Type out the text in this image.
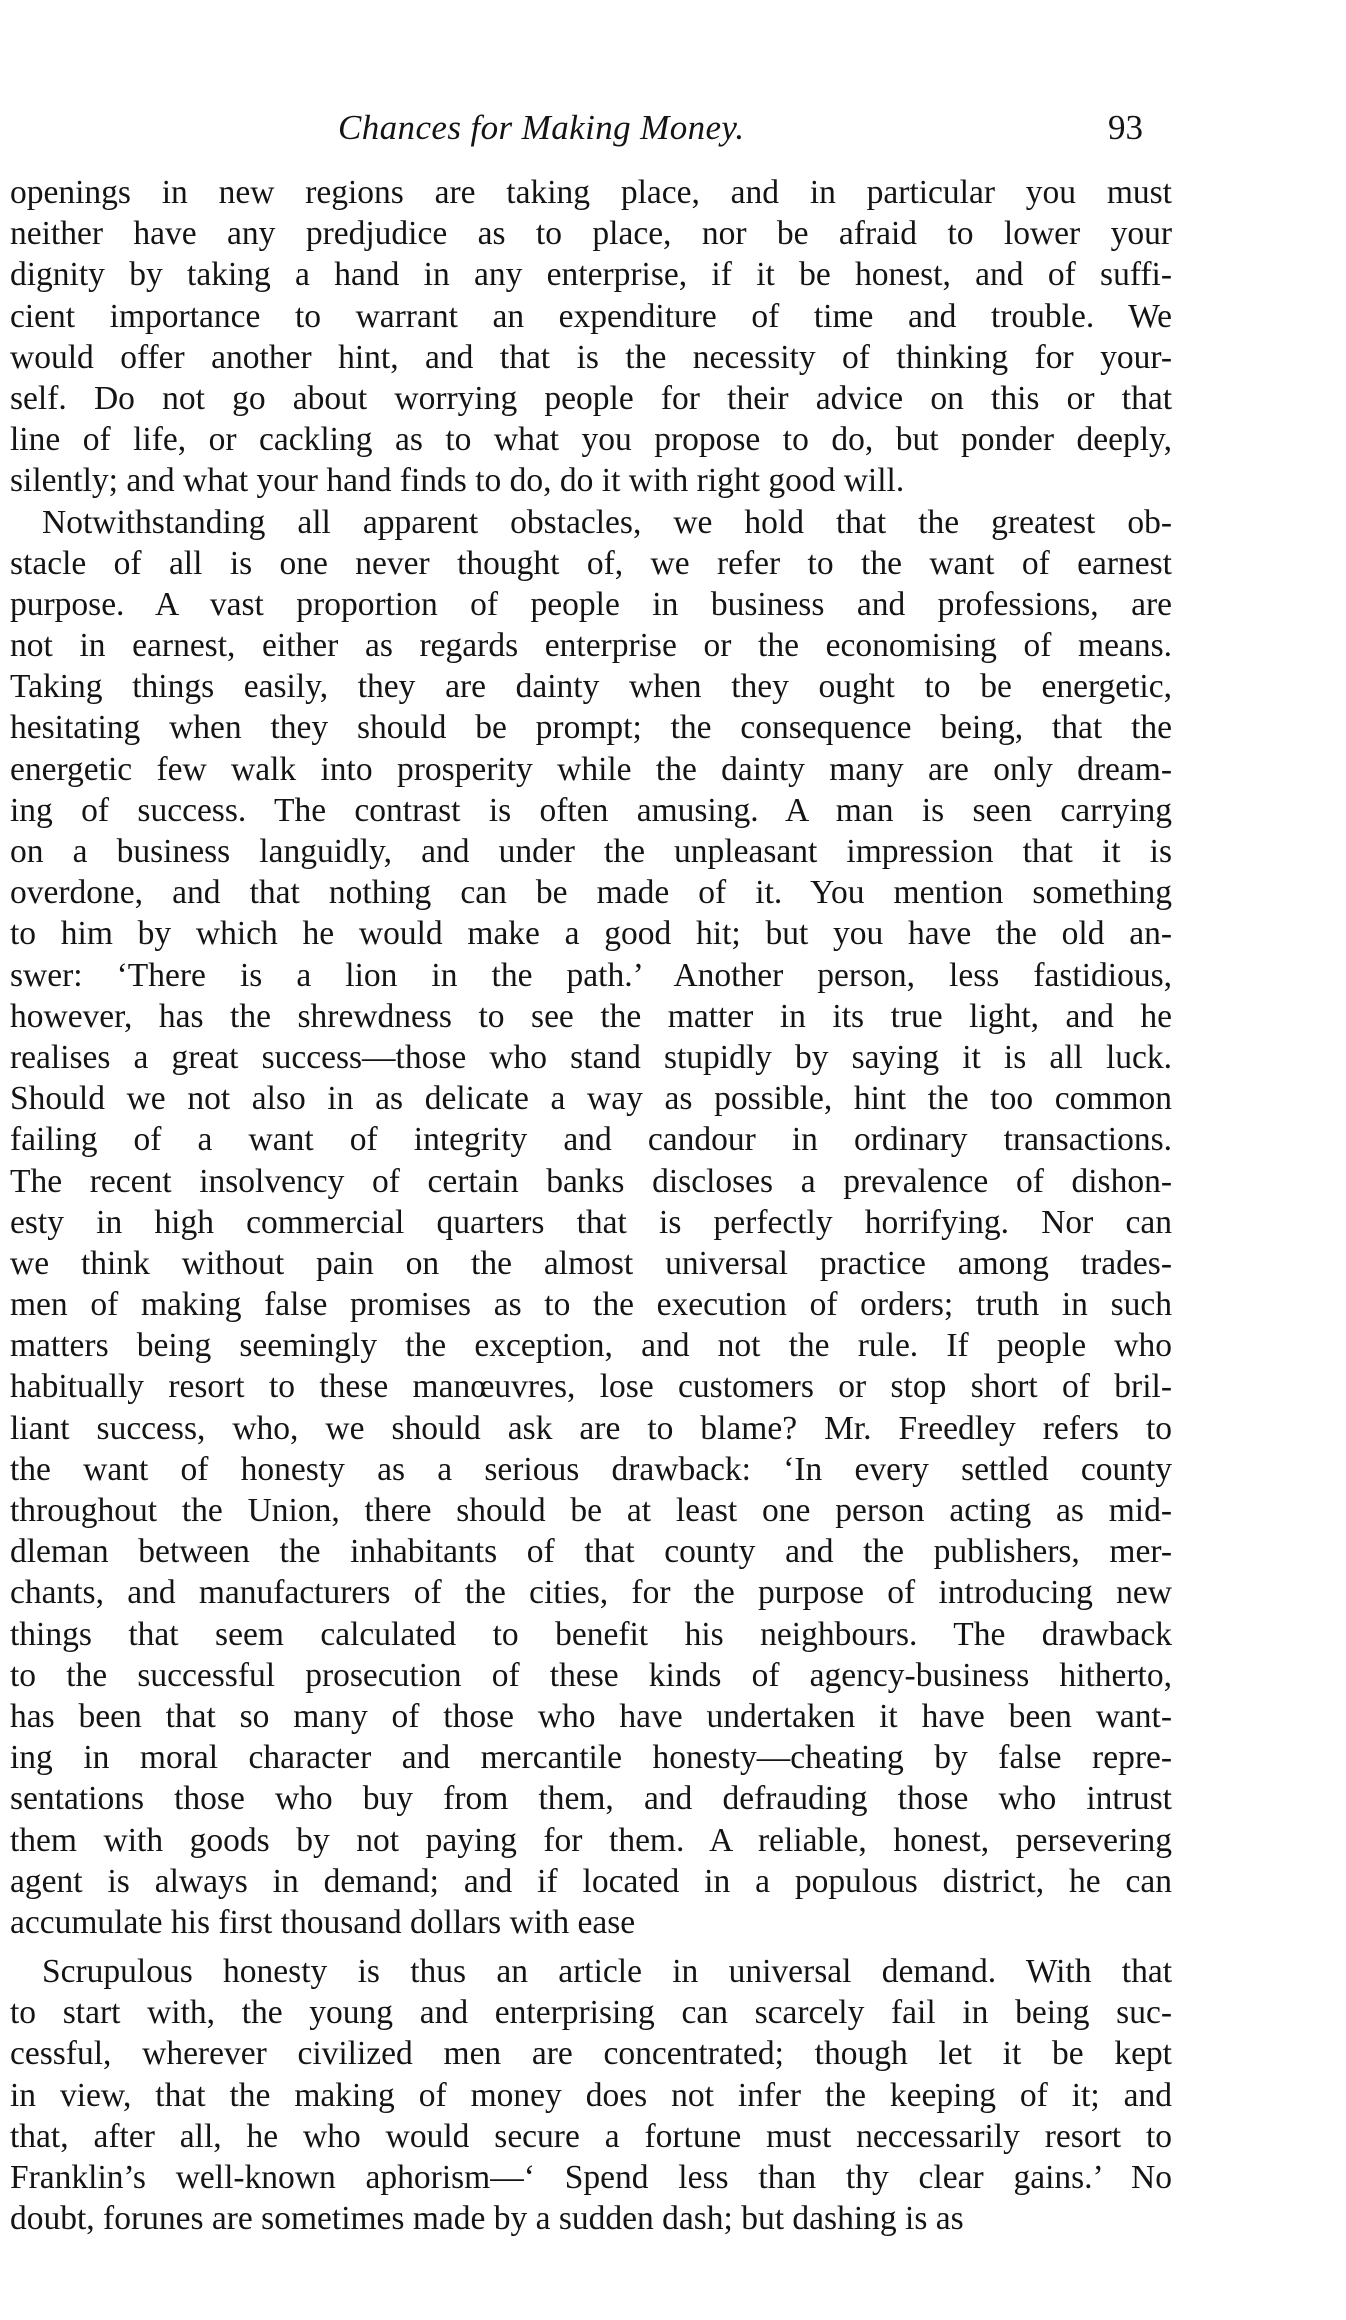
Chances for Making Money.	93
openings in new regions are taking place, and in particular you must
neither have any predjudice as to place, nor be afraid to lower your
dignity by taking a hand in any enterprise, if it be honest, and of suffi-
cient importance to warrant an expenditure of time and trouble. We
would offer another hint, and that is the necessity of thinking for your-
self. Do not go about worrying people for their advice on this or that
line of life, or cackling as to what you propose to do, but ponder deeply,
silently; and what your hand finds to do, do it with right good will.
Notwithstanding all apparent obstacles, we hold that the greatest ob-
stacle of all is one never thought of, we refer to the want of earnest
purpose. A vast proportion of people in business and professions, are
not in earnest, either as regards enterprise or the economising of means.
Taking things easily, they are dainty when they ought to be energetic,
hesitating when they should be prompt; the consequence being, that the
energetic few walk into prosperity while the dainty many are only dream-
ing of success. The contrast is often amusing. A man is seen carrying
on a business languidly, and under the unpleasant impression that it is
overdone, and that nothing can be made of it. You mention something
to him by which he would make a good hit; but you have the old an-
swer: ‘There is a lion in the path.’ Another person, less fastidious,
however, has the shrewdness to see the matter in its true light, and he
realises a great success—those who stand stupidly by saying it is all luck.
Should we not also in as delicate a way as possible, hint the too common
failing of a want of integrity and candour in ordinary transactions.
The recent insolvency of certain banks discloses a prevalence of dishon-
esty in high commercial quarters that is perfectly horrifying. Nor can
we think without pain on the almost universal practice among trades-
men of making false promises as to the execution of orders; truth in such
matters being seemingly the exception, and not the rule. If people who
habitually resort to these manœuvres, lose customers or stop short of bril-
liant success, who, we should ask are to blame? Mr. Freedley refers to
the want of honesty as a serious drawback: ‘In every settled county
throughout the Union, there should be at least one person acting as mid-
dleman between the inhabitants of that county and the publishers, mer-
chants, and manufacturers of the cities, for the purpose of introducing new
things that seem calculated to benefit his neighbours. The drawback
to the successful prosecution of these kinds of agency-business hitherto,
has been that so many of those who have undertaken it have been want-
ing in moral character and mercantile honesty—cheating by false repre-
sentations those who buy from them, and defrauding those who intrust
them with goods by not paying for them. A reliable, honest, persevering
agent is always in demand; and if located in a populous district, he can
accumulate his first thousand dollars with ease
Scrupulous honesty is thus an article in universal demand. With that
to start with, the young and enterprising can scarcely fail in being suc-
cessful, wherever civilized men are concentrated; though let it be kept
in view, that the making of money does not infer the keeping of it; and
that, after all, he who would secure a fortune must neccessarily resort to
Franklin’s well-known aphorism—‘ Spend less than thy clear gains.’ No
doubt, forunes are sometimes made by a sudden dash; but dashing is as
